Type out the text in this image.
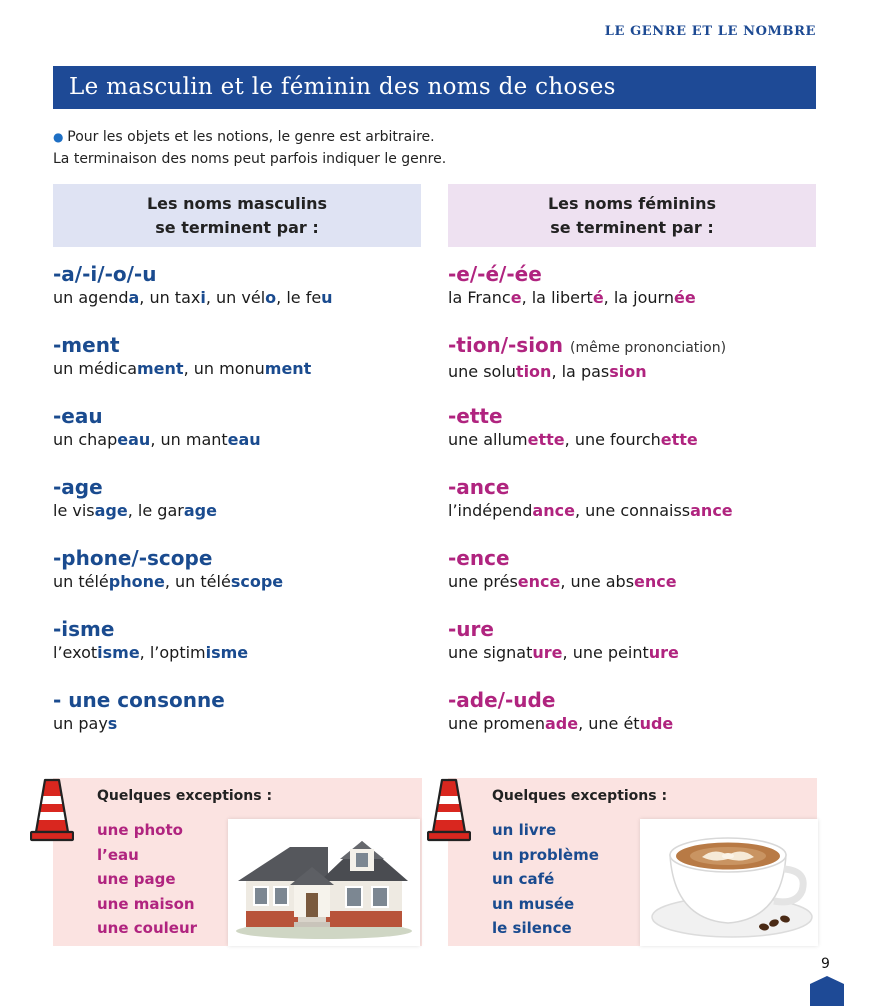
LE GENRE ET LE NOMBRE
Le masculin et le féminin des noms de choses
● Pour les objets et les notions, le genre est arbitraire.
La terminaison des noms peut parfois indiquer le genre.
Les noms masculins
se terminent par :
Les noms féminins
se terminent par :
-a/-i/-o/-u
un agenda, un taxi, un vélo, le feu
-ment
un médicament, un monument
-eau
un chapeau, un manteau
-age
le visage, le garage
-phone/-scope
un téléphone, un téléscope
-isme
l’exotisme, l’optimisme
- une consonne
un pays
-e/-é/-ée
la France, la liberté, la journée
-tion/-sion (même prononciation)
une solution, la passion
-ette
une allumette, une fourchette
-ance
l’indépendance, une connaissance
-ence
une présence, une absence
-ure
une signature, une peinture
-ade/-ude
une promenade, une étude
Quelques exceptions :
une photo
l’eau
une page
une maison
une couleur
Quelques exceptions :
un livre
un problème
un café
un musée
le silence
9
